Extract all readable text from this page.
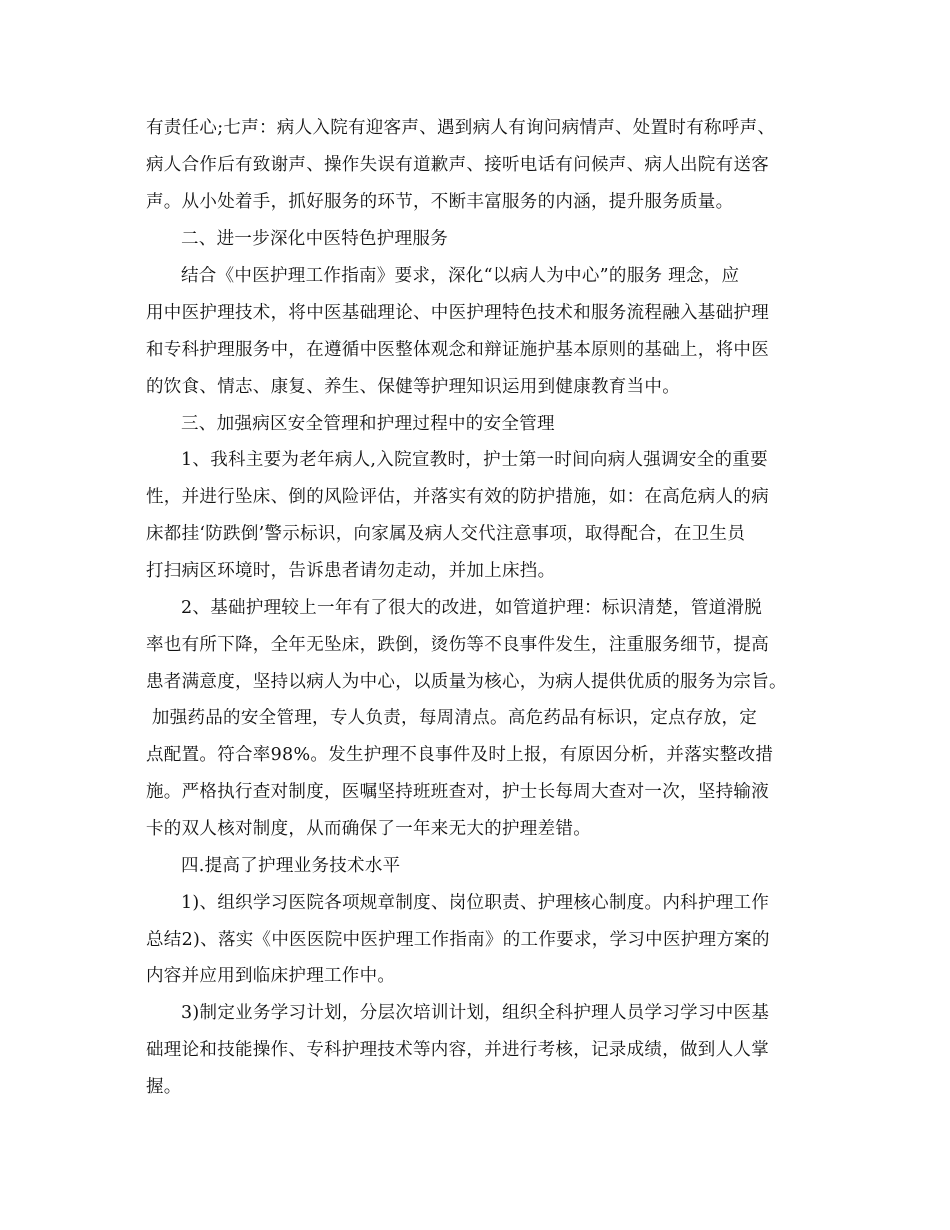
有责任心;七声：病人入院有迎客声、遇到病人有询问病情声、处置时有称呼声、
病人合作后有致谢声、操作失误有道歉声、接听电话有问候声、病人出院有送客
声。从小处着手，抓好服务的环节，不断丰富服务的内涵，提升服务质量。
二、进一步深化中医特色护理服务
结合《中医护理工作指南》要求，深化“以病人为中心”的服务 理念，应
用中医护理技术，将中医基础理论、中医护理特色技术和服务流程融入基础护理
和专科护理服务中，在遵循中医整体观念和辩证施护基本原则的基础上，将中医
的饮食、情志、康复、养生、保健等护理知识运用到健康教育当中。
三、加强病区安全管理和护理过程中的安全管理
1、我科主要为老年病人,入院宣教时，护士第一时间向病人强调安全的重要
性，并进行坠床、倒的风险评估，并落实有效的防护措施，如：在高危病人的病
床都挂‘防跌倒’警示标识，向家属及病人交代注意事项，取得配合，在卫生员
打扫病区环境时，告诉患者请勿走动，并加上床挡。
2、基础护理较上一年有了很大的改进，如管道护理：标识清楚，管道滑脱
率也有所下降，全年无坠床，跌倒，烫伤等不良事件发生，注重服务细节，提高
患者满意度，坚持以病人为中心，以质量为核心，为病人提供优质的服务为宗旨。
加强药品的安全管理，专人负责，每周清点。高危药品有标识，定点存放，定
点配置。符合率98%。发生护理不良事件及时上报，有原因分析，并落实整改措
施。严格执行查对制度，医嘱坚持班班查对，护士长每周大查对一次，坚持输液
卡的双人核对制度，从而确保了一年来无大的护理差错。
四.提高了护理业务技术水平
1)、组织学习医院各项规章制度、岗位职责、护理核心制度。内科护理工作
总结2)、落实《中医医院中医护理工作指南》的工作要求，学习中医护理方案的
内容并应用到临床护理工作中。
3)制定业务学习计划，分层次培训计划，组织全科护理人员学习学习中医基
础理论和技能操作、专科护理技术等内容，并进行考核，记录成绩，做到人人掌
握。
